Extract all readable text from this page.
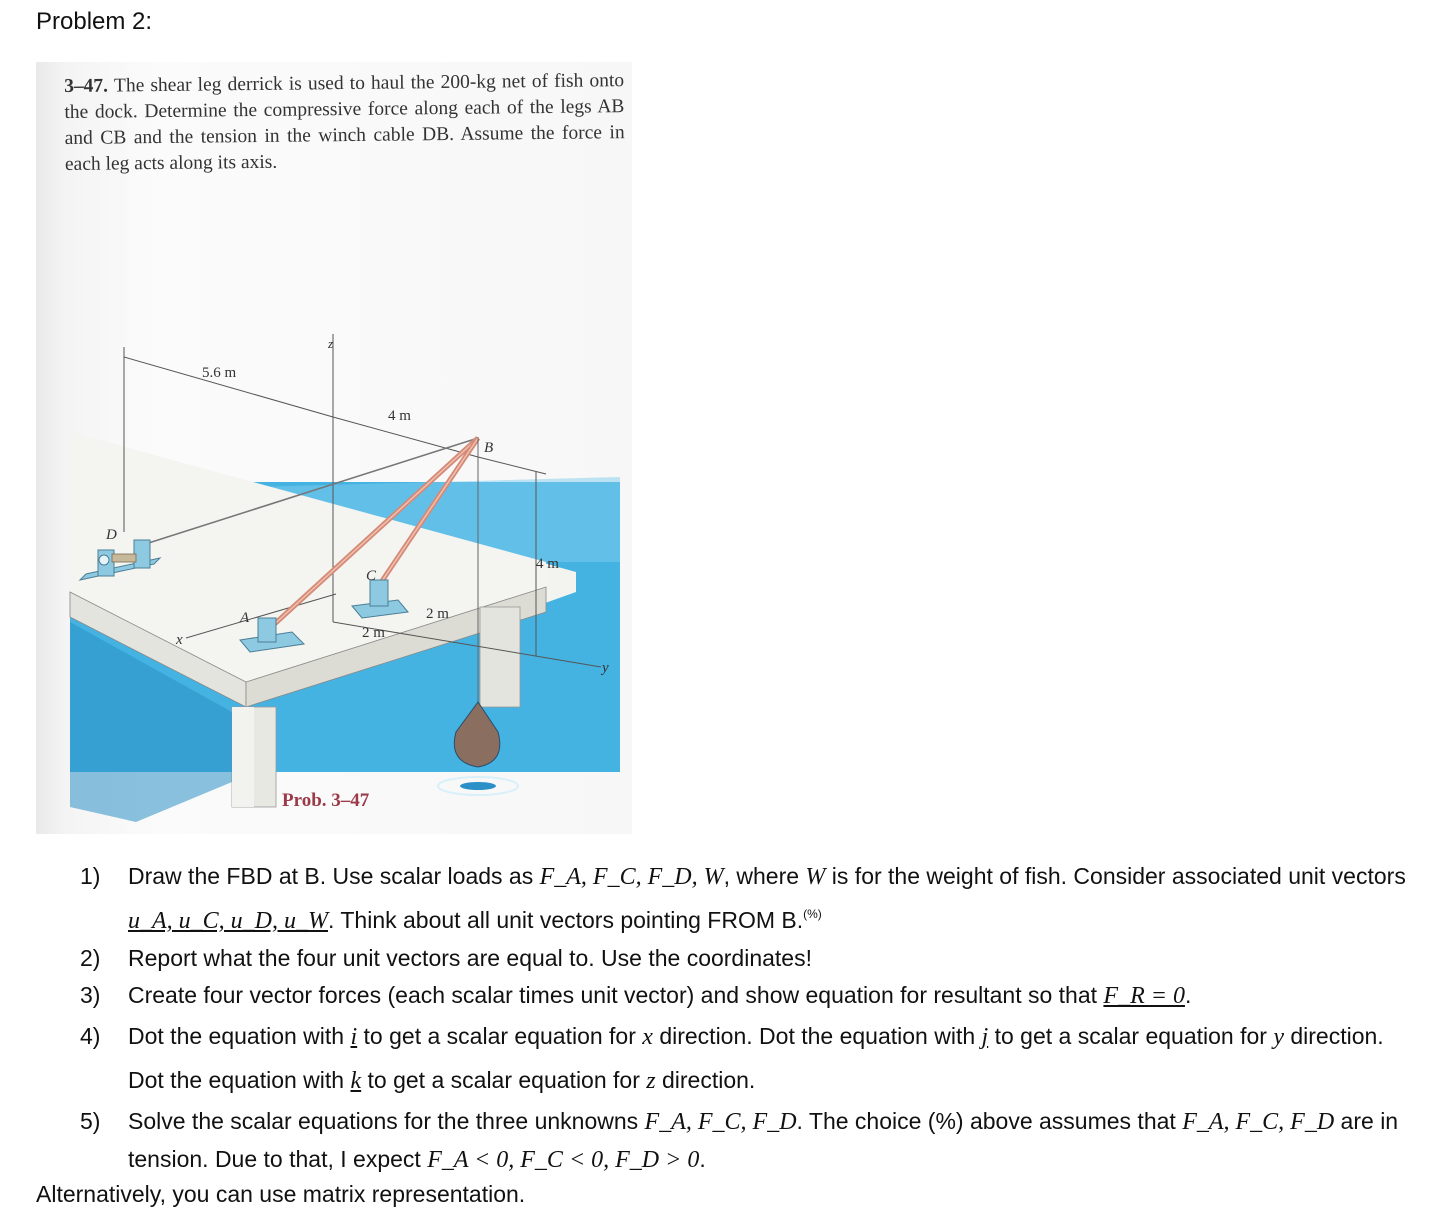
Problem 2:
3–47. The shear leg derrick is used to haul the 200-kg net of fish onto the dock. Determine the compressive force along each of the legs AB and CB and the tension in the winch cable DB. Assume the force in each leg acts along its axis.
5.6 m
4 m
B
z
4 m
D
C
A	2 m
2 m
x
y
Prob. 3–47
1) Draw the FBD at B. Use scalar loads as F_A, F_C, F_D, W, where W is for the weight of fish. Consider associated unit vectors u_A, u_C, u_D, u_W. Think about all unit vectors pointing FROM B.(%)
2) Report what the four unit vectors are equal to. Use the coordinates!
3) Create four vector forces (each scalar times unit vector) and show equation for resultant so that F_R = 0.
4) Dot the equation with i to get a scalar equation for x direction. Dot the equation with j to get a scalar equation for y direction. Dot the equation with k to get a scalar equation for z direction.
5) Solve the scalar equations for the three unknowns F_A, F_C, F_D. The choice (%) above assumes that F_A, F_C, F_D are in tension. Due to that, I expect F_A < 0, F_C < 0, F_D > 0.
Alternatively, you can use matrix representation.
